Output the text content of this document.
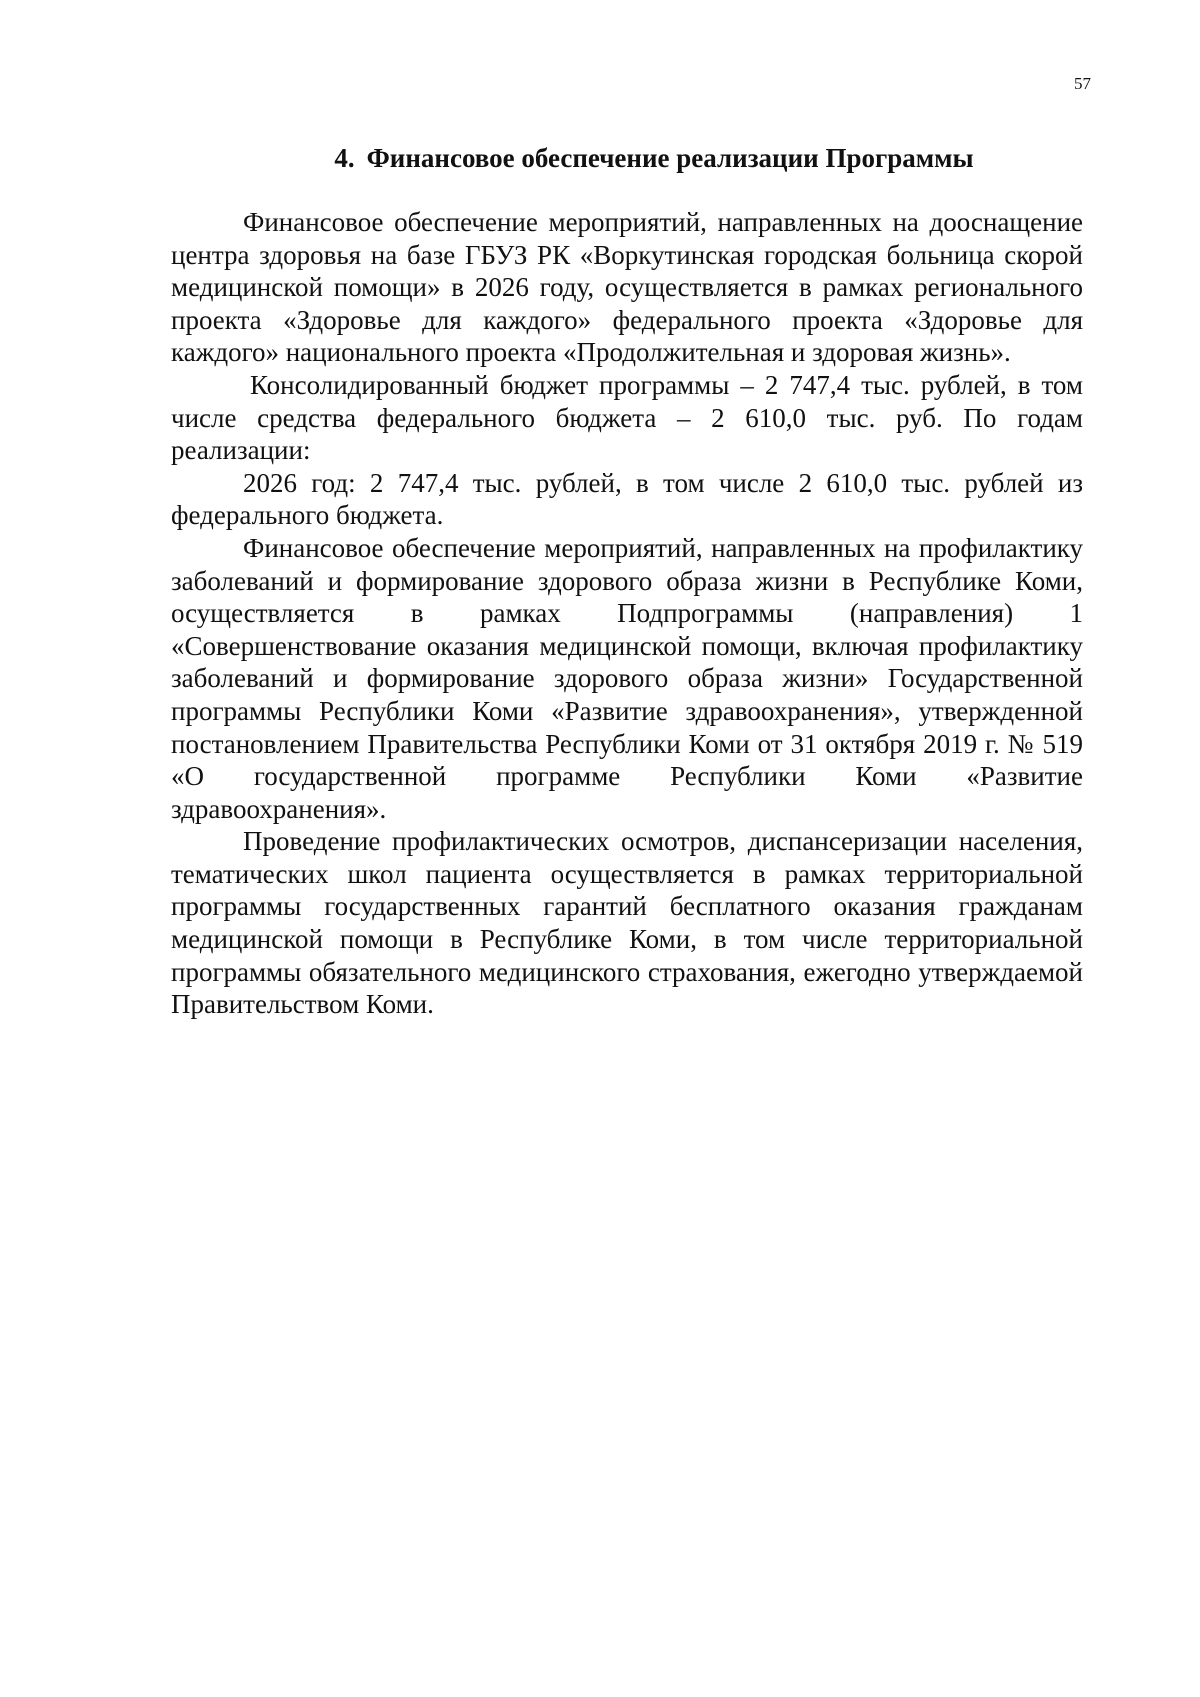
57
4. Финансовое обеспечение реализации Программы

Финансовое обеспечение мероприятий, направленных на дооснащение центра здоровья на базе ГБУЗ РК «Воркутинская городская больница скорой медицинской помощи» в 2026 году, осуществляется в рамках регионального проекта «Здоровье для каждого» федерального проекта «Здоровье для каждого» национального проекта «Продолжительная и здоровая жизнь».

Консолидированный бюджет программы – 2 747,4 тыс. рублей, в том числе средства федерального бюджета – 2 610,0 тыс. руб. По годам реализации:

2026 год: 2 747,4 тыс. рублей, в том числе 2 610,0 тыс. рублей из федерального бюджета.

Финансовое обеспечение мероприятий, направленных на профилактику заболеваний и формирование здорового образа жизни в Республике Коми, осуществляется в рамках Подпрограммы (направления) 1 «Совершенствование оказания медицинской помощи, включая профилактику заболеваний и формирование здорового образа жизни» Государственной программы Республики Коми «Развитие здравоохранения», утвержденной постановлением Правительства Республики Коми от 31 октября 2019 г. № 519 «О государственной программе Республики Коми «Развитие здравоохранения».

Проведение профилактических осмотров, диспансеризации населения, тематических школ пациента осуществляется в рамках территориальной программы государственных гарантий бесплатного оказания гражданам медицинской помощи в Республике Коми, в том числе территориальной программы обязательного медицинского страхования, ежегодно утверждаемой Правительством Коми.
